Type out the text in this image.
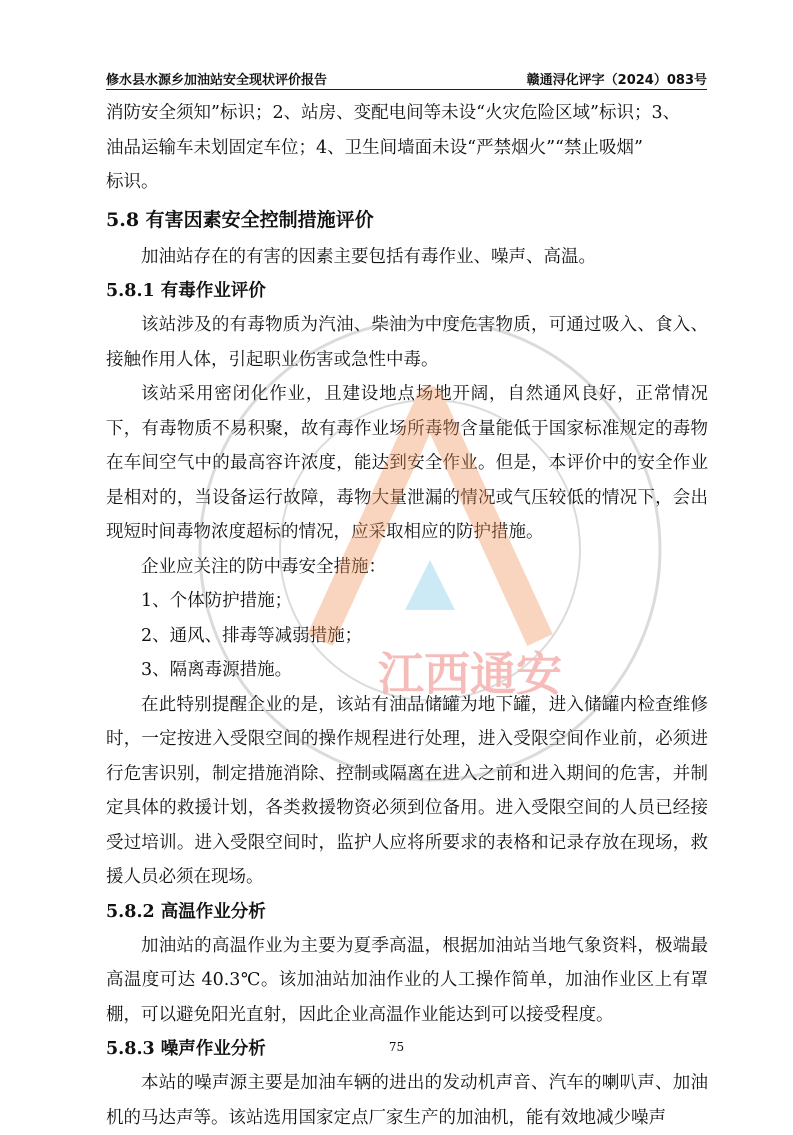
修水县水源乡加油站安全现状评价报告	赣通浔化评字（2024）083号

消防安全须知”标识；2、站房、变配电间等未设“火灾危险区域”标识；3、

油品运输车未划固定车位；4、卫生间墙面未设“严禁烟火”“禁止吸烟”

标识。

5.8 有害因素安全控制措施评价

加油站存在的有害的因素主要包括有毒作业、噪声、高温。

5.8.1 有毒作业评价

该站涉及的有毒物质为汽油、柴油为中度危害物质，可通过吸入、食入、接触作用人体，引起职业伤害或急性中毒。

该站采用密闭化作业，且建设地点场地开阔，自然通风良好，正常情况下，有毒物质不易积聚，故有毒作业场所毒物含量能低于国家标准规定的毒物在车间空气中的最高容许浓度，能达到安全作业。但是，本评价中的安全作业是相对的，当设备运行故障，毒物大量泄漏的情况或气压较低的情况下，会出现短时间毒物浓度超标的情况，应采取相应的防护措施。

企业应关注的防中毒安全措施：

1、个体防护措施；

2、通风、排毒等减弱措施；

3、隔离毒源措施。

在此特别提醒企业的是，该站有油品储罐为地下罐，进入储罐内检查维修时，一定按进入受限空间的操作规程进行处理，进入受限空间作业前，必须进行危害识别，制定措施消除、控制或隔离在进入之前和进入期间的危害，并制定具体的救援计划，各类救援物资必须到位备用。进入受限空间的人员已经接受过培训。进入受限空间时，监护人应将所要求的表格和记录存放在现场，救援人员必须在现场。

5.8.2 高温作业分析

加油站的高温作业为主要为夏季高温，根据加油站当地气象资料，极端最高温度可达 40.3℃。该加油站加油作业的人工操作简单，加油作业区上有罩棚，可以避免阳光直射，因此企业高温作业能达到可以接受程度。

5.8.3 噪声作业分析

本站的噪声源主要是加油车辆的进出的发动机声音、汽车的喇叭声、加油机的马达声等。该站选用国家定点厂家生产的加油机，能有效地减少噪声

75
江西通安
